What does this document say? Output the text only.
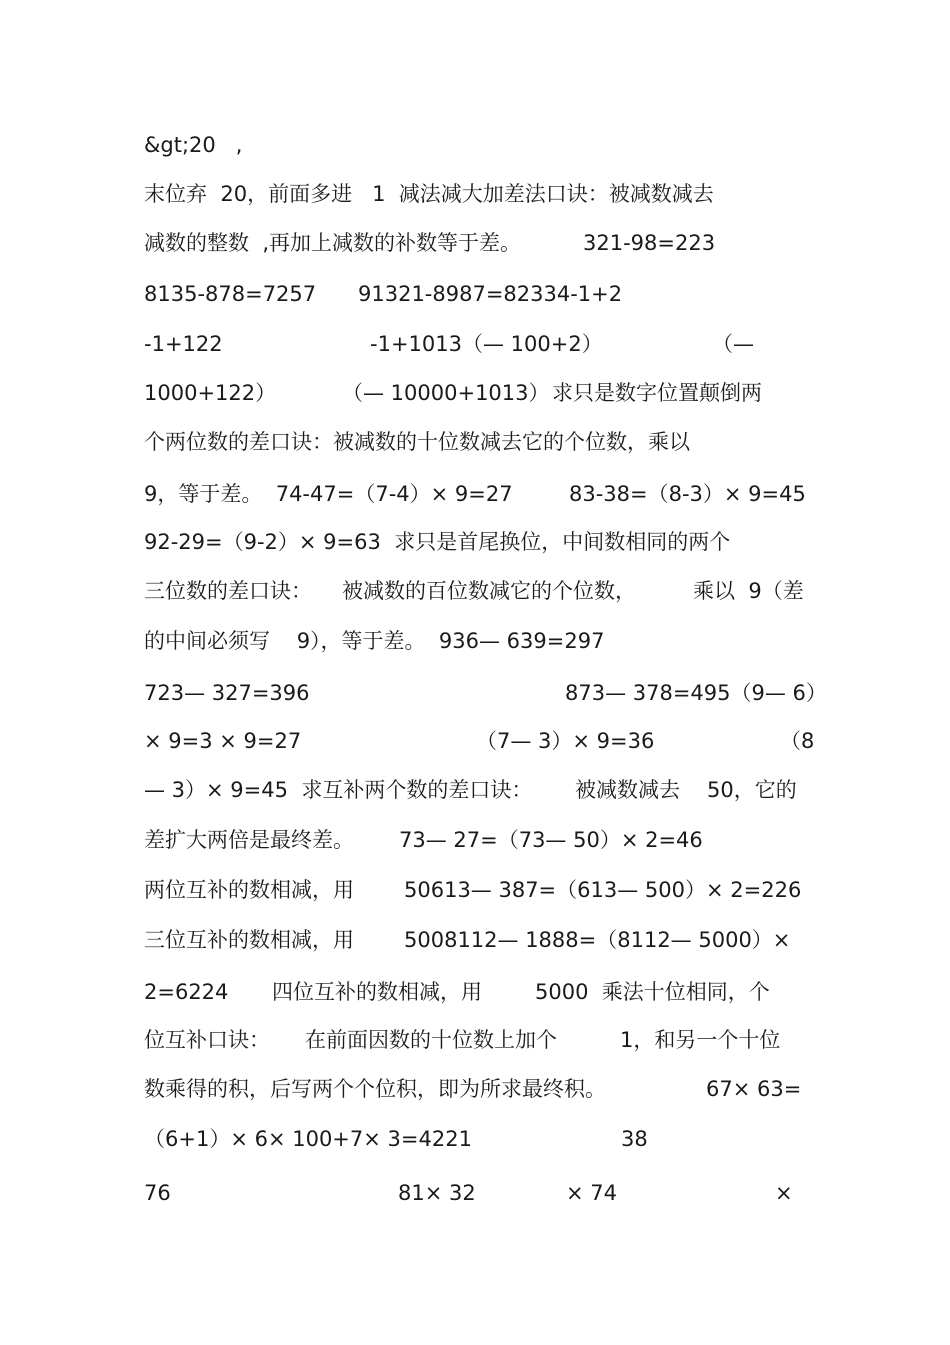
&gt;20   ,
末位弃  20，前面多进   1  减法减大加差法口诀：被减数减去
减数的整数  ,再加上减数的补数等于差。	321-98=223
8135-878=7257 91321-8987=82334-1+2
-1+122	-1+1013（— 100+2）	（—
1000+122）	（— 10000+1013） 求只是数字位置颠倒两
个两位数的差口诀：被减数的十位数减去它的个位数，乘以
9，等于差。  74-47=（7-4）× 9=27	83-38=（8-3）× 9=45
92-29=（9-2）× 9=63  求只是首尾换位，中间数相同的两个
三位数的差口诀： 被减数的百位数减它的个位数，	乘以  9（差
的中间必须写    9），等于差。  936— 639=297
723— 327=396	873— 378=495（9— 6）
× 9=3 × 9=27	（7— 3）× 9=36	（8
— 3）× 9=45  求互补两个数的差口诀： 被减数减去 50，它的
差扩大两倍是最终差。 73— 27=（73— 50）× 2=46
两位互补的数相减，用 50613— 387=（613— 500）× 2=226
三位互补的数相减，用 5008112— 1888=（8112— 5000）×
2=6224 四位互补的数相减，用	5000  乘法十位相同，个
位互补口诀： 在前面因数的十位数上加个	1，和另一个十位
数乘得的积，后写两个个位积，即为所求最终积。	67× 63=
（6+1）× 6× 100+7× 3=4221	38
76	81× 32	× 74	×
